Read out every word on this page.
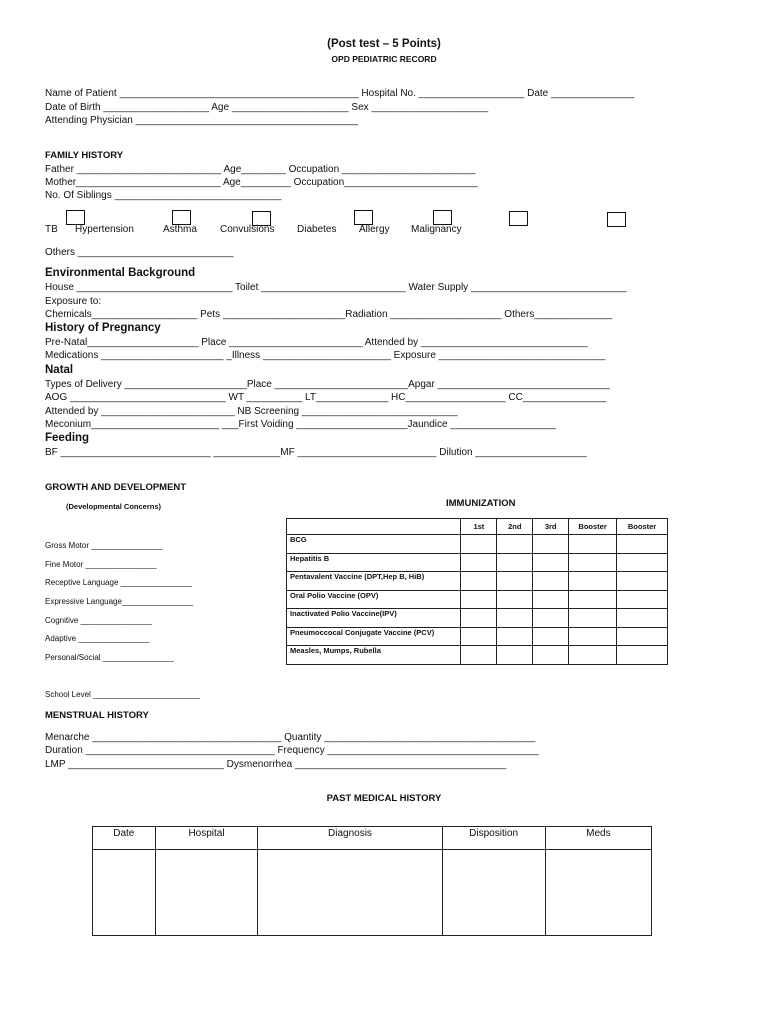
(Post test – 5 Points)
OPD PEDIATRIC RECORD
Name of Patient ___________________________________________ Hospital No. ___________________ Date _______________
Date of Birth ___________________ Age _____________________ Sex _____________________
Attending Physician ________________________________________
FAMILY HISTORY
Father __________________________ Age________ Occupation ________________________
Mother__________________________ Age_________ Occupation________________________
No. Of Siblings ______________________________
TB Hypertension	Asthma Convulsions Diabetes Allergy Malignancy
Others ____________________________
Environmental Background
House ____________________________ Toilet __________________________ Water Supply ____________________________
Exposure to:
Chemicals___________________ Pets ______________________Radiation ____________________ Others______________
History of Pregnancy
Pre-Natal____________________ Place ________________________ Attended by ______________________________
Medications ______________________ _Illness _______________________ Exposure ______________________________
Natal
Types of Delivery ______________________Place ________________________Apgar _______________________________
AOG ____________________________ WT __________ LT_____________ HC__________________ CC_______________
Attended by ________________________ NB Screening ____________________________
Meconium_______________________ ___First Voiding ____________________Jaundice ___________________
Feeding
BF ___________________________ ____________MF _________________________ Dilution ____________________
GROWTH AND DEVELOPMENT
(Developmental Concerns)
Gross Motor ________________
Fine Motor ________________
Receptive Language ________________
Expressive Language________________
Cognitive ________________
Adaptive ________________
Personal/Social ________________
School Level ________________________
IMMUNIZATION
	1st	2nd	3rd	Booster	Booster
BCG					
Hepatitis B					
Pentavalent Vaccine (DPT,Hep B, HiB)					
Oral Polio Vaccine (OPV)					
Inactivated Polio Vaccine(IPV)					
Pneumoccocal Conjugate Vaccine (PCV)					
Measles, Mumps, Rubella					
MENSTRUAL HISTORY
Menarche __________________________________ Quantity ______________________________________
Duration __________________________________ Frequency ______________________________________
LMP ____________________________ Dysmenorrhea ______________________________________
PAST MEDICAL HISTORY
Date	Hospital	Diagnosis	Disposition	Meds
